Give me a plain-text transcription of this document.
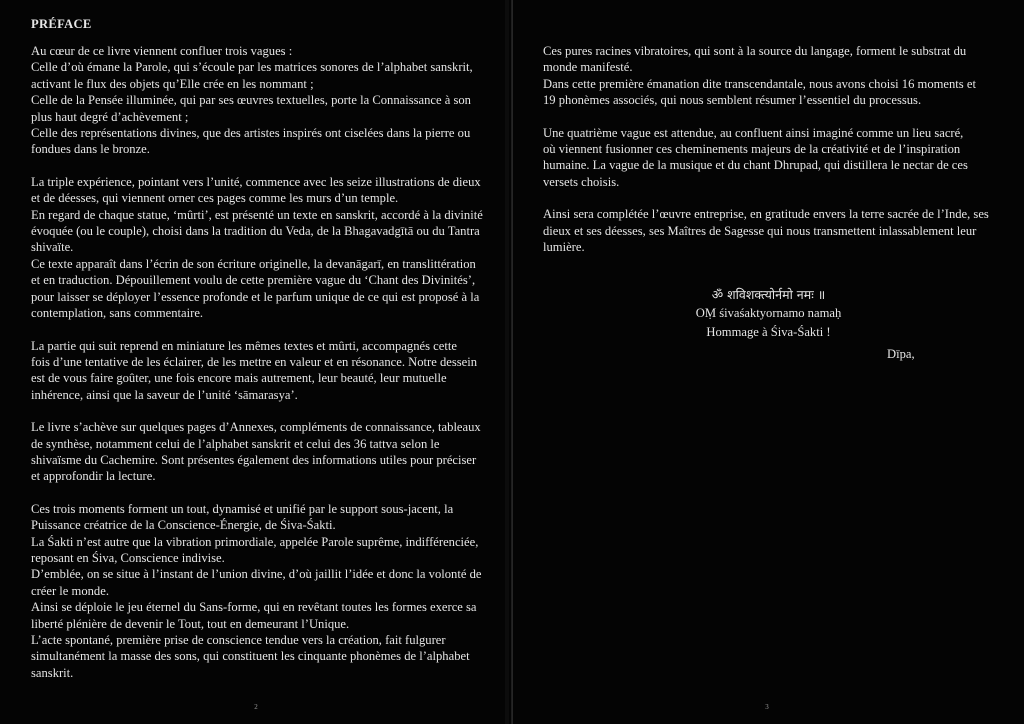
PRÉFACE
Au cœur de ce livre viennent confluer trois vagues :
Celle d’où émane la Parole, qui s’écoule par les matrices sonores de l’alphabet sanskrit,
activant le flux des objets qu’Elle crée en les nommant ;
Celle de la Pensée illuminée, qui par ses œuvres textuelles, porte la Connaissance à son
plus haut degré d’achèvement ;
Celle des représentations divines, que des artistes inspirés ont ciselées dans la pierre ou
fondues dans le bronze.
La triple expérience, pointant vers l’unité, commence avec les seize illustrations de dieux
et de déesses, qui viennent orner ces pages comme les murs d’un temple.
En regard de chaque statue, ‘mûrti’, est présenté un texte en sanskrit, accordé à la divinité
évoquée (ou le couple), choisi dans la tradition du Veda, de la Bhagavadgītā ou du Tantra
shivaïte.
Ce texte apparaît dans l’écrin de son écriture originelle, la devanāgarī, en translittération
et en traduction. Dépouillement voulu de cette première vague du ‘Chant des Divinités’,
pour laisser se déployer l’essence profonde et le parfum unique de ce qui est proposé à la
contemplation, sans commentaire.
La partie qui suit reprend en miniature les mêmes textes et mûrti, accompagnés cette
fois d’une tentative de les éclairer, de les mettre en valeur et en résonance. Notre dessein
est de vous faire goûter, une fois encore mais autrement, leur beauté, leur mutuelle
inhérence, ainsi que la saveur de l’unité ‘sāmarasya’.
Le livre s’achève sur quelques pages d’Annexes, compléments de connaissance, tableaux
de synthèse, notamment celui de l’alphabet sanskrit et celui des 36 tattva selon le
shivaïsme du Cachemire. Sont présentes également des informations utiles pour préciser
et approfondir la lecture.
Ces trois moments forment un tout, dynamisé et unifié par le support sous-jacent, la
Puissance créatrice de la Conscience-Énergie, de Śiva-Śakti.
La Śakti n’est autre que la vibration primordiale, appelée Parole suprême, indifférenciée,
reposant en Śiva, Conscience indivise.
D’emblée, on se situe à l’instant de l’union divine, d’où jaillit l’idée et donc la volonté de
créer le monde.
Ainsi se déploie le jeu éternel du Sans-forme, qui en revêtant toutes les formes exerce sa
liberté plénière de devenir le Tout, tout en demeurant l’Unique.
L’acte spontané, première prise de conscience tendue vers la création, fait fulgurer
simultanément la masse des sons, qui constituent les cinquante phonèmes de l’alphabet
sanskrit.
2
Ces pures racines vibratoires, qui sont à la source du langage, forment le substrat du
monde manifesté.
Dans cette première émanation dite transcendantale, nous avons choisi 16 moments et
19 phonèmes associés, qui nous semblent résumer l’essentiel du processus.
Une quatrième vague est attendue, au confluent ainsi imaginé comme un lieu sacré,
où viennent fusionner ces cheminements majeurs de la créativité et de l’inspiration
humaine. La vague de la musique et du chant Dhrupad, qui distillera le nectar de ces
versets choisis.
Ainsi sera complétée l’œuvre entreprise, en gratitude envers la terre sacrée de l’Inde, ses
dieux et ses déesses, ses Maîtres de Sagesse qui nous transmettent inlassablement leur
lumière.
ॐ शविशक्त्योर्नमो नमः ॥
OṂ śivaśaktyornamo namaḥ
Hommage à Śiva-Śakti !
Dīpa,
3
